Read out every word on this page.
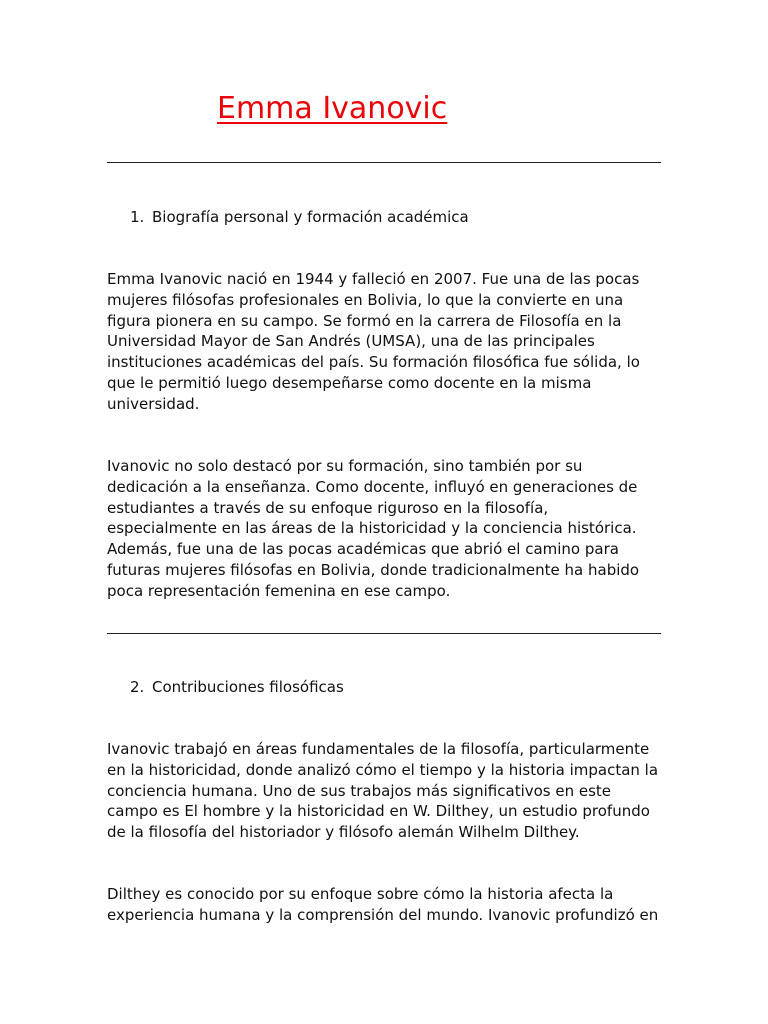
Emma Ivanovic
1. Biografía personal y formación académica

Emma Ivanovic nació en 1944 y falleció en 2007. Fue una de las pocas
mujeres filósofas profesionales en Bolivia, lo que la convierte en una
figura pionera en su campo. Se formó en la carrera de Filosofía en la
Universidad Mayor de San Andrés (UMSA), una de las principales
instituciones académicas del país. Su formación filosófica fue sólida, lo
que le permitió luego desempeñarse como docente en la misma
universidad.

Ivanovic no solo destacó por su formación, sino también por su
dedicación a la enseñanza. Como docente, influyó en generaciones de
estudiantes a través de su enfoque riguroso en la filosofía,
especialmente en las áreas de la historicidad y la conciencia histórica.
Además, fue una de las pocas académicas que abrió el camino para
futuras mujeres filósofas en Bolivia, donde tradicionalmente ha habido
poca representación femenina en ese campo.

2. Contribuciones filosóficas

Ivanovic trabajó en áreas fundamentales de la filosofía, particularmente
en la historicidad, donde analizó cómo el tiempo y la historia impactan la
conciencia humana. Uno de sus trabajos más significativos en este
campo es El hombre y la historicidad en W. Dilthey, un estudio profundo
de la filosofía del historiador y filósofo alemán Wilhelm Dilthey.

Dilthey es conocido por su enfoque sobre cómo la historia afecta la
experiencia humana y la comprensión del mundo. Ivanovic profundizó en
